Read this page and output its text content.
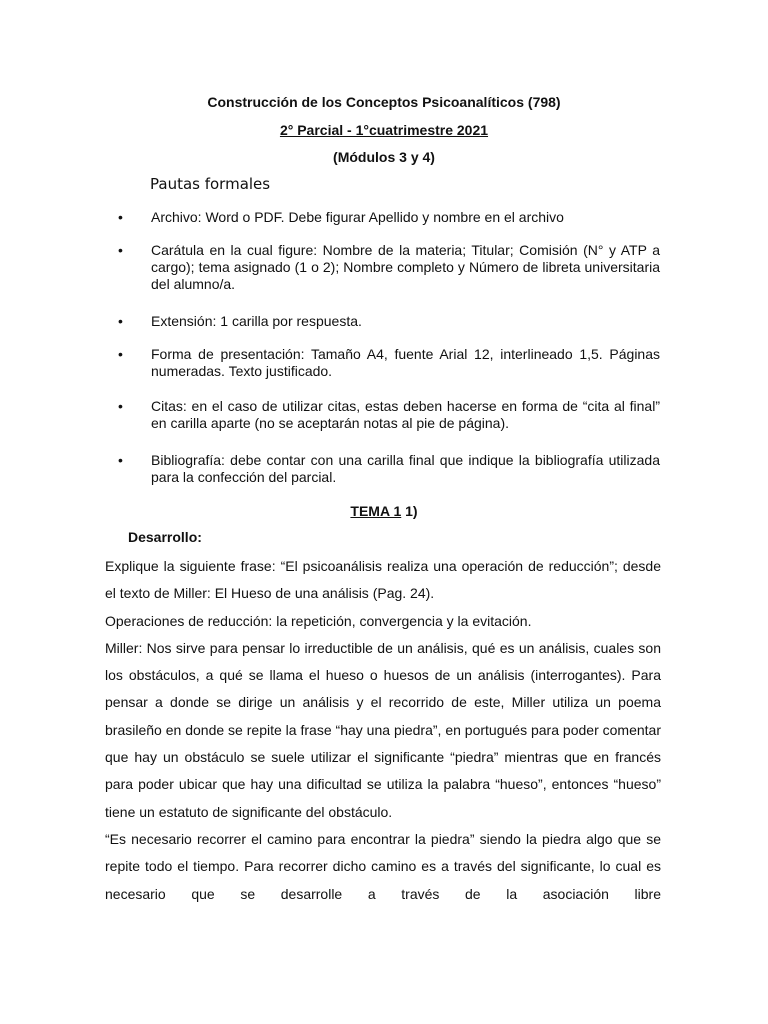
Construcción de los Conceptos Psicoanalíticos (798)
2° Parcial - 1°cuatrimestre 2021
(Módulos 3 y 4)
Pautas formales
• Archivo: Word o PDF. Debe figurar Apellido y nombre en el archivo
• Carátula en la cual figure: Nombre de la materia; Titular; Comisión (N° y ATP a cargo); tema asignado (1 o 2); Nombre completo y Número de libreta universitaria del alumno/a.
• Extensión: 1 carilla por respuesta.
• Forma de presentación: Tamaño A4, fuente Arial 12, interlineado 1,5. Páginas numeradas. Texto justificado.
• Citas: en el caso de utilizar citas, estas deben hacerse en forma de “cita al final” en carilla aparte (no se aceptarán notas al pie de página).
• Bibliografía: debe contar con una carilla final que indique la bibliografía utilizada para la confección del parcial.
TEMA 1 1)
Desarrollo:

Explique la siguiente frase: “El psicoanálisis realiza una operación de reducción”; desde el texto de Miller: El Hueso de una análisis (Pag. 24).

Operaciones de reducción: la repetición, convergencia y la evitación.

Miller: Nos sirve para pensar lo irreductible de un análisis, qué es un análisis, cuales son los obstáculos, a qué se llama el hueso o huesos de un análisis (interrogantes). Para pensar a donde se dirige un análisis y el recorrido de este, Miller utiliza un poema brasileño en donde se repite la frase “hay una piedra”, en portugués para poder comentar que hay un obstáculo se suele utilizar el significante “piedra” mientras que en francés para poder ubicar que hay una dificultad se utiliza la palabra “hueso”, entonces “hueso” tiene un estatuto de significante del obstáculo.

“Es necesario recorrer el camino para encontrar la piedra” siendo la piedra algo que se repite todo el tiempo. Para recorrer dicho camino es a través del significante, lo cual es necesario que se desarrolle a través de la asociación libre
